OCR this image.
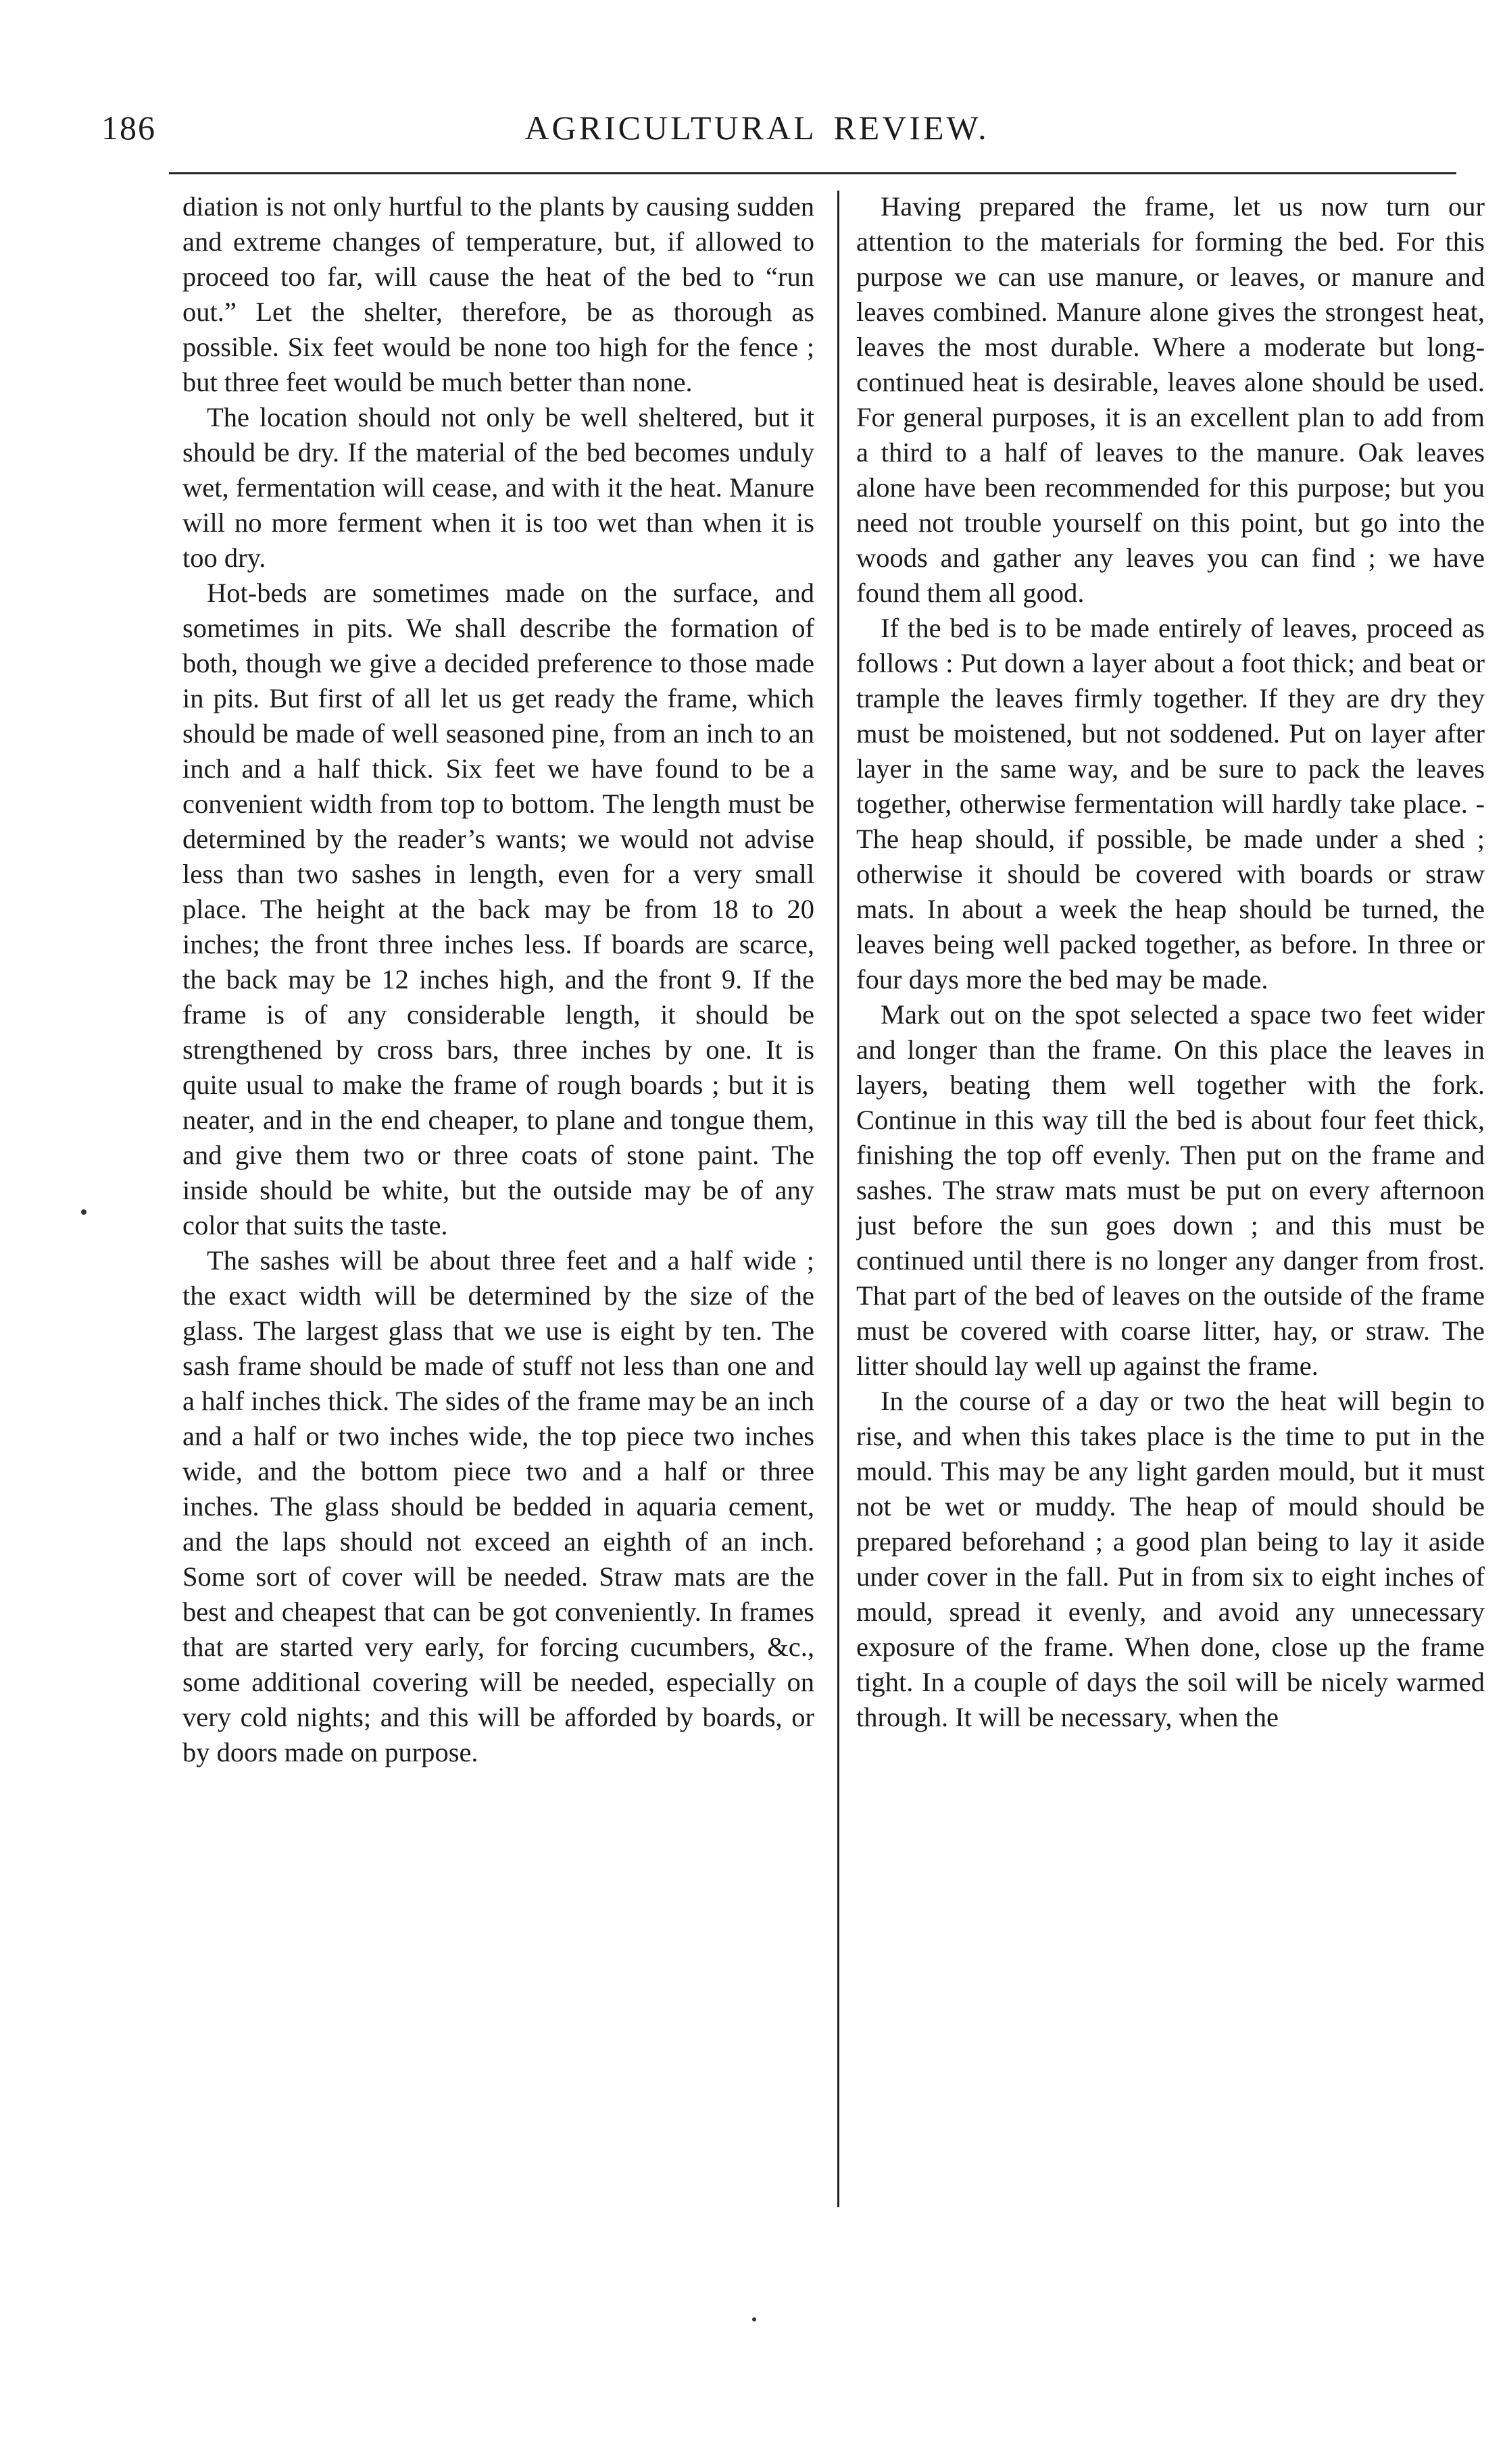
186	AGRICULTURAL REVIEW.

diation is not only hurtful to the plants by causing sudden and extreme changes of temperature, but, if allowed to proceed too far, will cause the heat of the bed to “run out.” Let the shelter, therefore, be as thorough as possible. Six feet would be none too high for the fence ; but three feet would be much better than none.

The location should not only be well sheltered, but it should be dry. If the material of the bed becomes unduly wet, fermentation will cease, and with it the heat. Manure will no more ferment when it is too wet than when it is too dry.

Hot-beds are sometimes made on the surface, and sometimes in pits. We shall describe the formation of both, though we give a decided preference to those made in pits. But first of all let us get ready the frame, which should be made of well seasoned pine, from an inch to an inch and a half thick. Six feet we have found to be a convenient width from top to bottom. The length must be determined by the reader’s wants; we would not advise less than two sashes in length, even for a very small place. The height at the back may be from 18 to 20 inches; the front three inches less. If boards are scarce, the back may be 12 inches high, and the front 9. If the frame is of any considerable length, it should be strengthened by cross bars, three inches by one. It is quite usual to make the frame of rough boards ; but it is neater, and in the end cheaper, to plane and tongue them, and give them two or three coats of stone paint. The inside should be white, but the outside may be of any color that suits the taste.

The sashes will be about three feet and a half wide ; the exact width will be determined by the size of the glass. The largest glass that we use is eight by ten. The sash frame should be made of stuff not less than one and a half inches thick. The sides of the frame may be an inch and a half or two inches wide, the top piece two inches wide, and the bottom piece two and a half or three inches. The glass should be bedded in aquaria cement, and the laps should not exceed an eighth of an inch. Some sort of cover will be needed. Straw mats are the best and cheapest that can be got conveniently. In frames that are started very early, for forcing cucumbers, &c., some additional covering will be needed, especially on very cold nights; and this will be afforded by boards, or by doors made on purpose.

Having prepared the frame, let us now turn our attention to the materials for forming the bed. For this purpose we can use manure, or leaves, or manure and leaves combined. Manure alone gives the strongest heat, leaves the most durable. Where a moderate but long-continued heat is desirable, leaves alone should be used. For general purposes, it is an excellent plan to add from a third to a half of leaves to the manure. Oak leaves alone have been recommended for this purpose; but you need not trouble yourself on this point, but go into the woods and gather any leaves you can find ; we have found them all good.

If the bed is to be made entirely of leaves, proceed as follows : Put down a layer about a foot thick; and beat or trample the leaves firmly together. If they are dry they must be moistened, but not soddened. Put on layer after layer in the same way, and be sure to pack the leaves together, otherwise fermentation will hardly take place. - The heap should, if possible, be made under a shed ; otherwise it should be covered with boards or straw mats. In about a week the heap should be turned, the leaves being well packed together, as before. In three or four days more the bed may be made.

Mark out on the spot selected a space two feet wider and longer than the frame. On this place the leaves in layers, beating them well together with the fork. Continue in this way till the bed is about four feet thick, finishing the top off evenly. Then put on the frame and sashes. The straw mats must be put on every afternoon just before the sun goes down ; and this must be continued until there is no longer any danger from frost. That part of the bed of leaves on the outside of the frame must be covered with coarse litter, hay, or straw. The litter should lay well up against the frame.

In the course of a day or two the heat will begin to rise, and when this takes place is the time to put in the mould. This may be any light garden mould, but it must not be wet or muddy. The heap of mould should be prepared beforehand ; a good plan being to lay it aside under cover in the fall. Put in from six to eight inches of mould, spread it evenly, and avoid any unnecessary exposure of the frame. When done, close up the frame tight. In a couple of days the soil will be nicely warmed through. It will be necessary, when the
